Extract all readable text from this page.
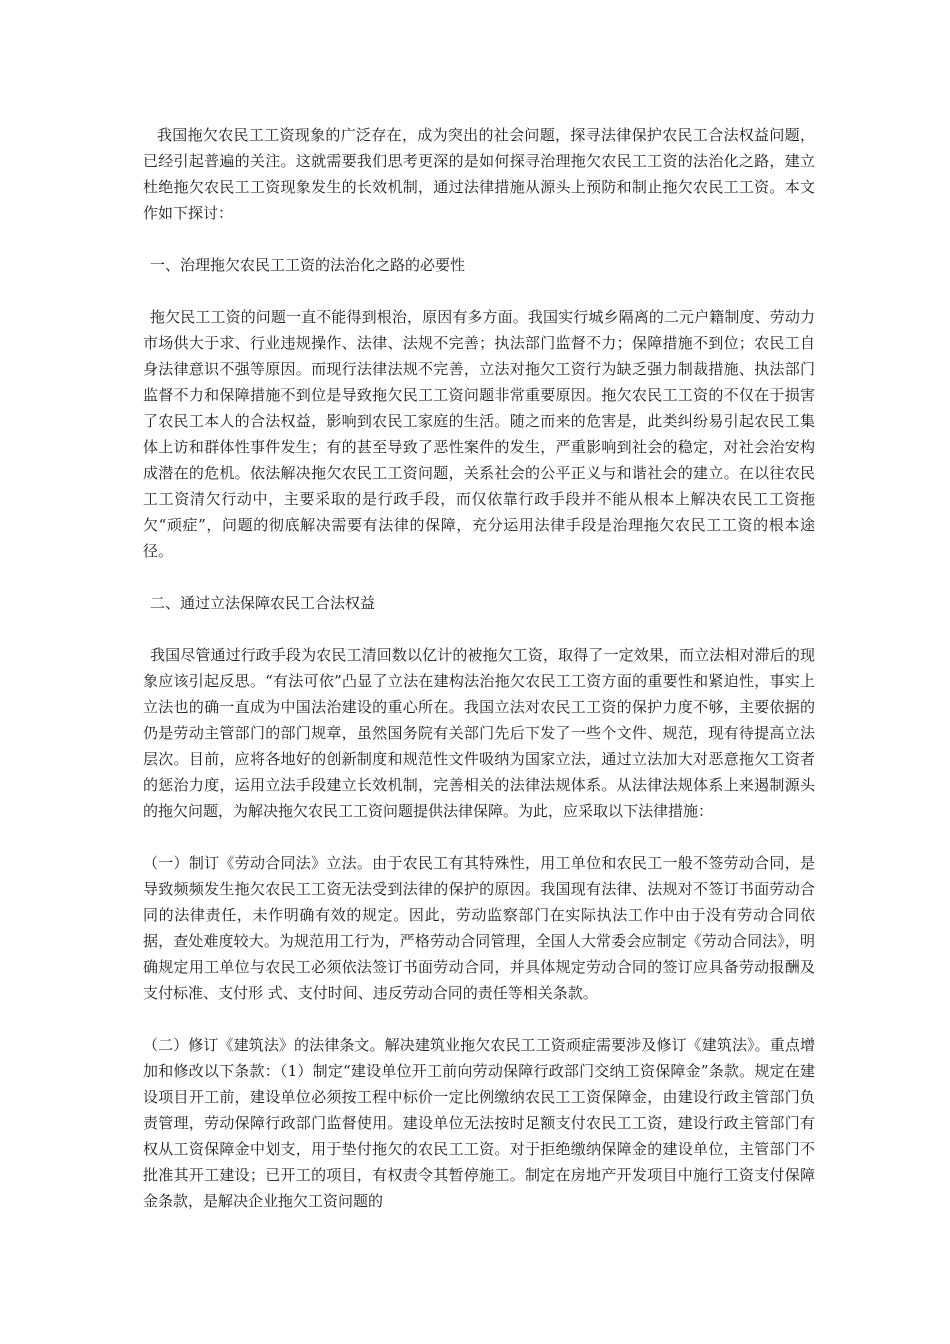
我国拖欠农民工工资现象的广泛存在，成为突出的社会问题，探寻法律保护农民工合法权益问题，已经引起普遍的关注。这就需要我们思考更深的是如何探寻治理拖欠农民工工资的法治化之路，建立杜绝拖欠农民工工资现象发生的长效机制，通过法律措施从源头上预防和制止拖欠农民工工资。本文作如下探讨：

一、治理拖欠农民工工资的法治化之路的必要性

拖欠民工工资的问题一直不能得到根治，原因有多方面。我国实行城乡隔离的二元户籍制度、劳动力市场供大于求、行业违规操作、法律、法规不完善；执法部门监督不力；保障措施不到位；农民工自身法律意识不强等原因。而现行法律法规不完善，立法对拖欠工资行为缺乏强力制裁措施、执法部门监督不力和保障措施不到位是导致拖欠民工工资问题非常重要原因。拖欠农民工工资的不仅在于损害了农民工本人的合法权益，影响到农民工家庭的生活。随之而来的危害是，此类纠纷易引起农民工集体上访和群体性事件发生；有的甚至导致了恶性案件的发生，严重影响到社会的稳定，对社会治安构成潜在的危机。依法解决拖欠农民工工资问题，关系社会的公平正义与和谐社会的建立。在以往农民工工资清欠行动中，主要采取的是行政手段，而仅依靠行政手段并不能从根本上解决农民工工资拖欠“顽症”，问题的彻底解决需要有法律的保障，充分运用法律手段是治理拖欠农民工工资的根本途径。

二、通过立法保障农民工合法权益

我国尽管通过行政手段为农民工清回数以亿计的被拖欠工资，取得了一定效果，而立法相对滞后的现象应该引起反思。“有法可依”凸显了立法在建构法治拖欠农民工工资方面的重要性和紧迫性，事实上立法也的确一直成为中国法治建设的重心所在。我国立法对农民工工资的保护力度不够，主要依据的仍是劳动主管部门的部门规章，虽然国务院有关部门先后下发了一些个文件、规范，现有待提高立法层次。目前，应将各地好的创新制度和规范性文件吸纳为国家立法，通过立法加大对恶意拖欠工资者的惩治力度，运用立法手段建立长效机制，完善相关的法律法规体系。从法律法规体系上来遏制源头的拖欠问题，为解决拖欠农民工工资问题提供法律保障。为此，应采取以下法律措施：

（一）制订《劳动合同法》立法。由于农民工有其特殊性，用工单位和农民工一般不签劳动合同，是导致频频发生拖欠农民工工资无法受到法律的保护的原因。我国现有法律、法规对不签订书面劳动合同的法律责任，未作明确有效的规定。因此，劳动监察部门在实际执法工作中由于没有劳动合同依据，查处难度较大。为规范用工行为，严格劳动合同管理，全国人大常委会应制定《劳动合同法》，明确规定用工单位与农民工必须依法签订书面劳动合同，并具体规定劳动合同的签订应具备劳动报酬及支付标准、支付形 式、支付时间、违反劳动合同的责任等相关条款。

（二）修订《建筑法》的法律条文。解决建筑业拖欠农民工工资顽症需要涉及修订《建筑法》。重点增加和修改以下条款：（1）制定“建设单位开工前向劳动保障行政部门交纳工资保障金”条款。规定在建设项目开工前，建设单位必须按工程中标价一定比例缴纳农民工工资保障金，由建设行政主管部门负责管理，劳动保障行政部门监督使用。建设单位无法按时足额支付农民工工资，建设行政主管部门有权从工资保障金中划支，用于垫付拖欠的农民工工资。对于拒绝缴纳保障金的建设单位，主管部门不批准其开工建设；已开工的项目，有权责令其暂停施工。制定在房地产开发项目中施行工资支付保障金条款，是解决企业拖欠工资问题的
